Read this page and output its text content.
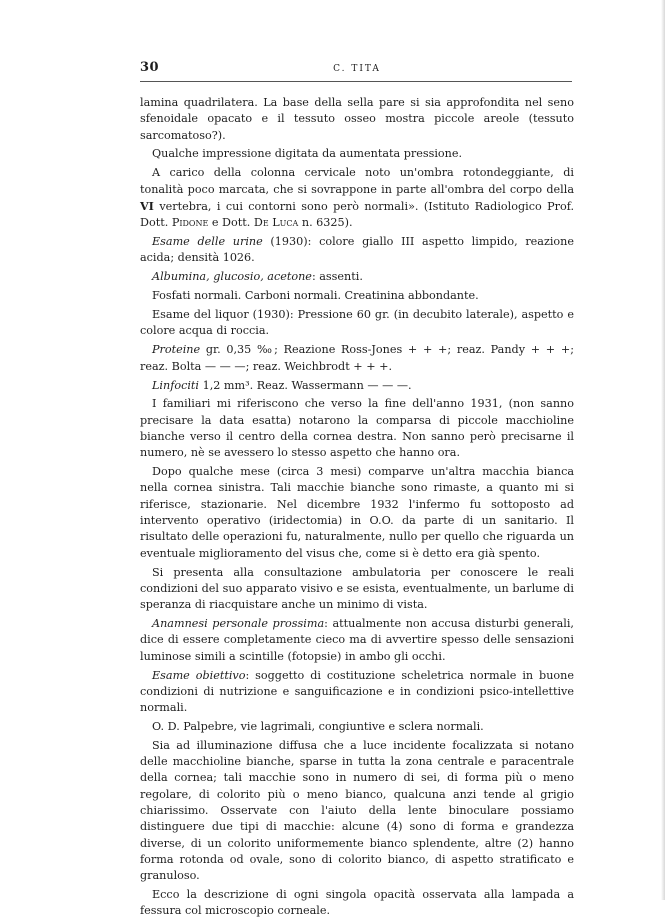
30	C. TITA

lamina quadrilatera. La base della sella pare si sia approfondita nel seno sfenoidale opacato e il tessuto osseo mostra piccole areole (tessuto sarcomatoso?).

Qualche impressione digitata da aumentata pressione.

A carico della colonna cervicale noto un'ombra rotondeggiante, di tonalità poco marcata, che si sovrappone in parte all'ombra del corpo della VI vertebra, i cui contorni sono però normali». (Istituto Radiologico Prof. Dott. Pidone e Dott. De Luca n. 6325).

Esame delle urine (1930): colore giallo III aspetto limpido, reazione acida; densità 1026.

Albumina, glucosio, acetone: assenti.

Fosfati normali. Carboni normali. Creatinina abbondante.

Esame del liquor (1930): Pressione 60 gr. (in decubito laterale), aspetto e colore acqua di roccia.

Proteine gr. 0,35 ‰; Reazione Ross-Jones + + +; reaz. Pandy + + +; reaz. Bolta — — —; reaz. Weichbrodt + + +.

Linfociti 1,2 mm³. Reaz. Wassermann — — —.

I familiari mi riferiscono che verso la fine dell'anno 1931, (non sanno precisare la data esatta) notarono la comparsa di piccole macchioline bianche verso il centro della cornea destra. Non sanno però precisarne il numero, nè se avessero lo stesso aspetto che hanno ora.

Dopo qualche mese (circa 3 mesi) comparve un'altra macchia bianca nella cornea sinistra. Tali macchie bianche sono rimaste, a quanto mi si riferisce, stazionarie. Nel dicembre 1932 l'infermo fu sottoposto ad intervento operativo (iridectomia) in O.O. da parte di un sanitario. Il risultato delle operazioni fu, naturalmente, nullo per quello che riguarda un eventuale miglioramento del visus che, come si è detto era già spento.

Si presenta alla consultazione ambulatoria per conoscere le reali condizioni del suo apparato visivo e se esista, eventualmente, un barlume di speranza di riacquistare anche un minimo di vista.

Anamnesi personale prossima: attualmente non accusa disturbi generali, dice di essere completamente cieco ma di avvertire spesso delle sensazioni luminose simili a scintille (fotopsie) in ambo gli occhi.

Esame obiettivo: soggetto di costituzione scheletrica normale in buone condizioni di nutrizione e sanguificazione e in condizioni psico-intellettive normali.

O. D. Palpebre, vie lagrimali, congiuntive e sclera normali.

Sia ad illuminazione diffusa che a luce incidente focalizzata si notano delle macchioline bianche, sparse in tutta la zona centrale e paracentrale della cornea; tali macchie sono in numero di sei, di forma più o meno regolare, di colorito più o meno bianco, qualcuna anzi tende al grigio chiarissimo. Osservate con l'aiuto della lente binoculare possiamo distinguere due tipi di macchie: alcune (4) sono di forma e grandezza diverse, di un colorito uniformemente bianco splendente, altre (2) hanno forma rotonda od ovale, sono di colorito bianco, di aspetto stratificato e granuloso.

Ecco la descrizione di ogni singola opacità osservata alla lampada a fessura col microscopio corneale.
